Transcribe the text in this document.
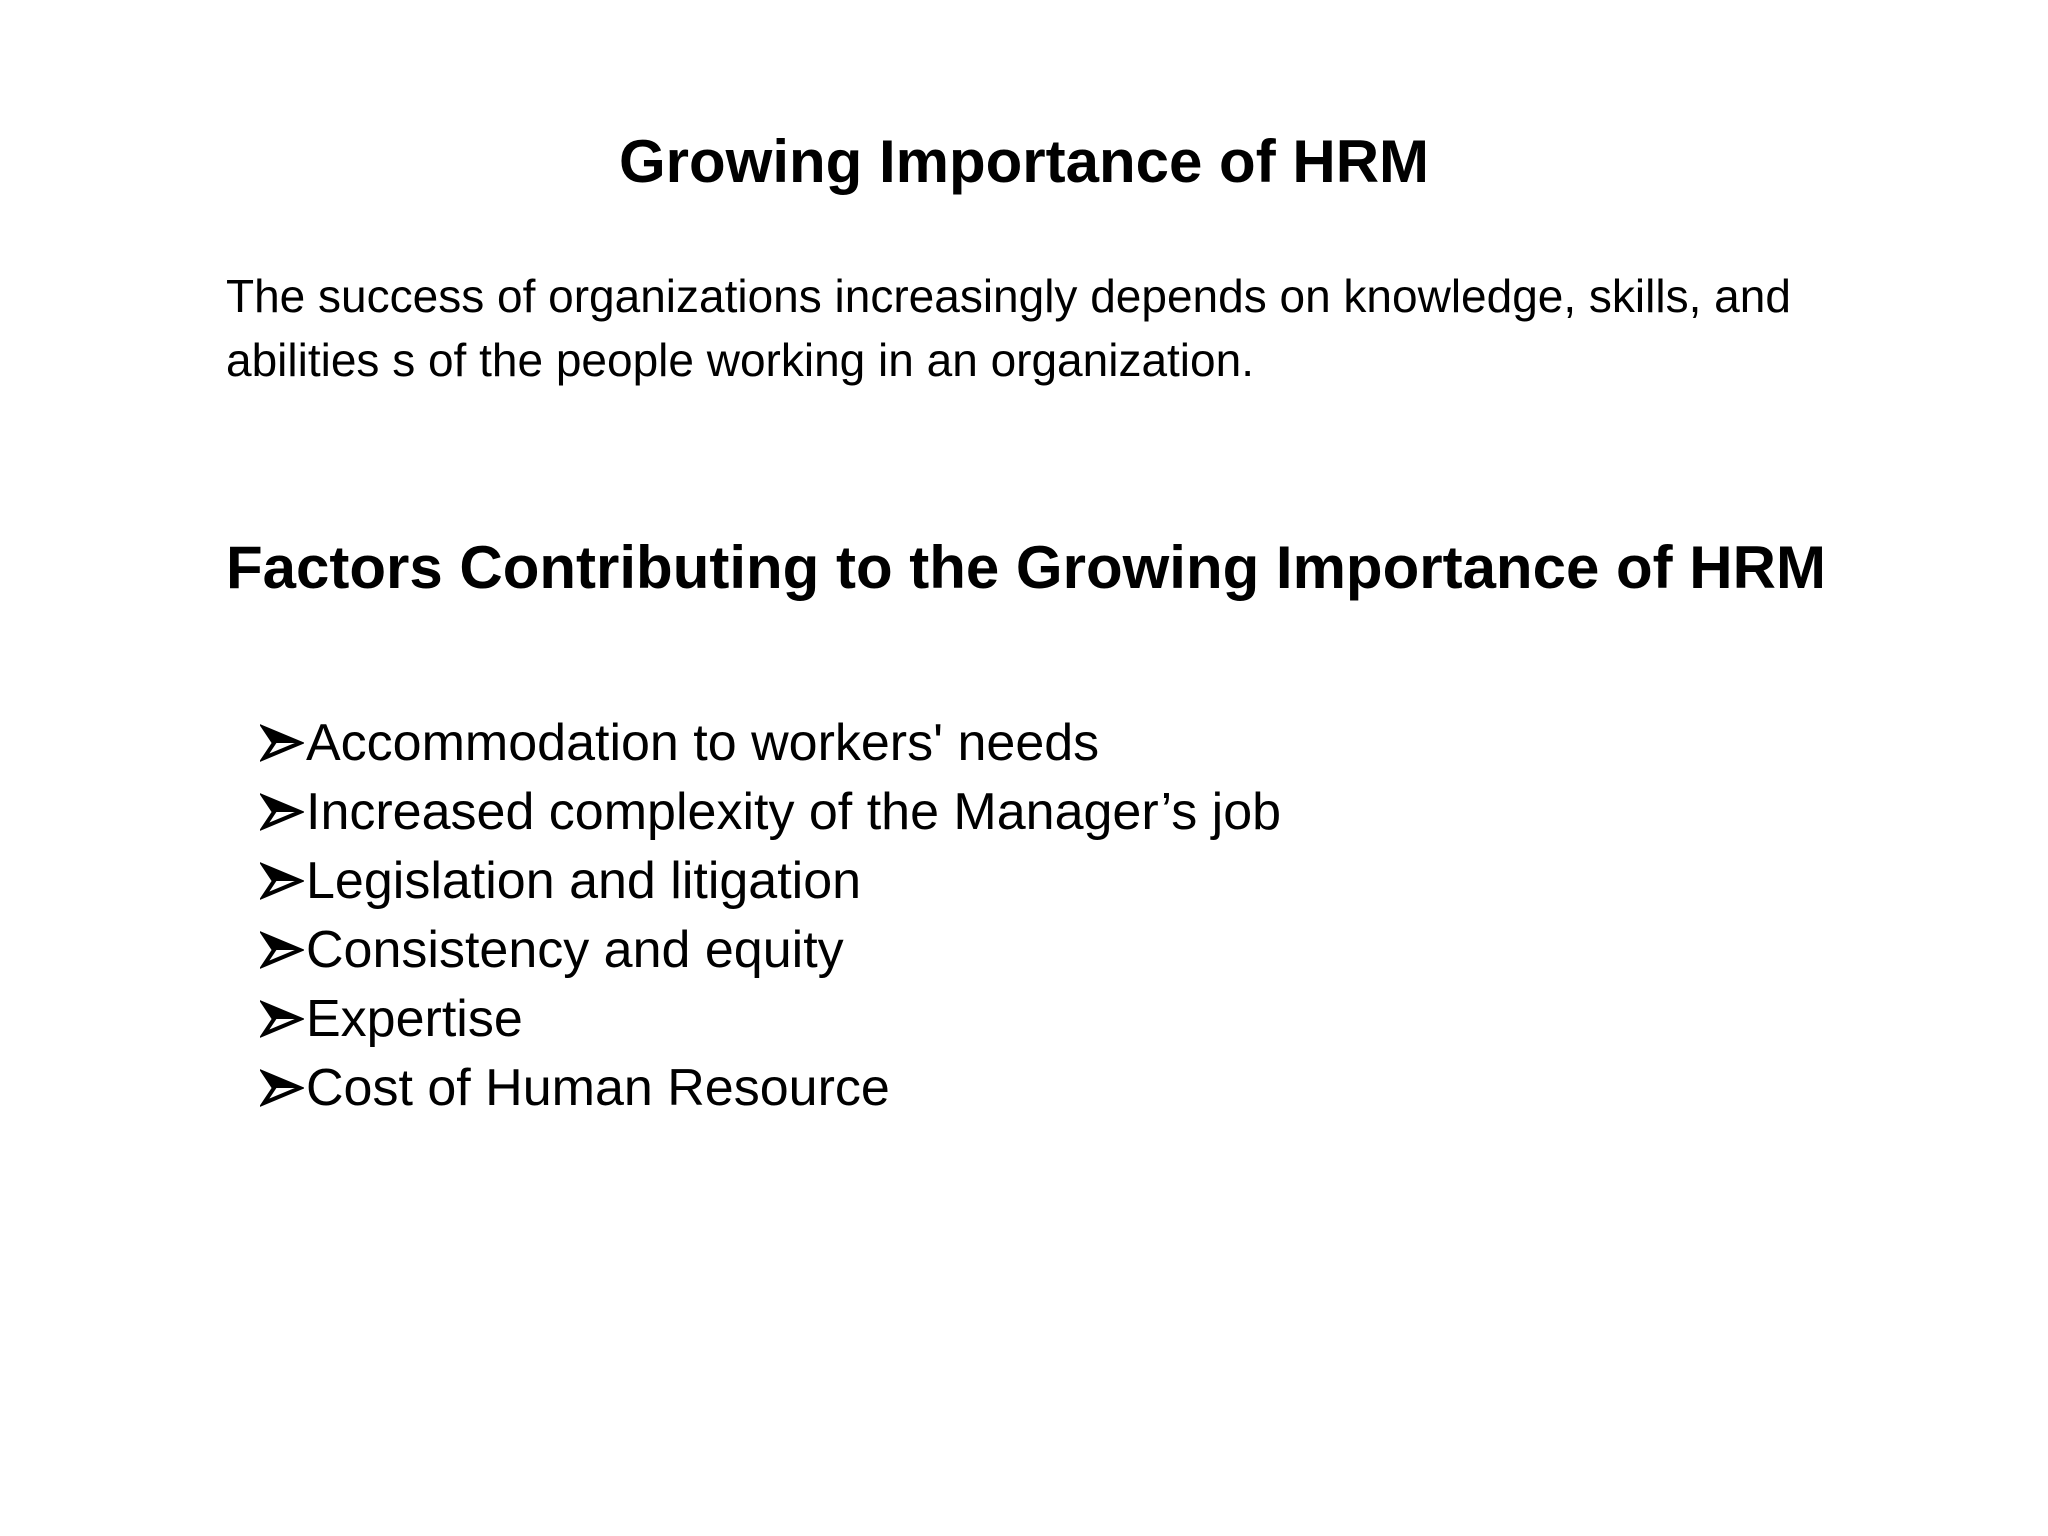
Growing Importance of HRM
The success of organizations increasingly depends on knowledge, skills, and abilities s of the people working in an organization.
Factors Contributing to the Growing Importance of HRM
Accommodation to workers' needs
Increased complexity of the Manager’s job
Legislation and litigation
Consistency and equity
Expertise
Cost of Human Resource
